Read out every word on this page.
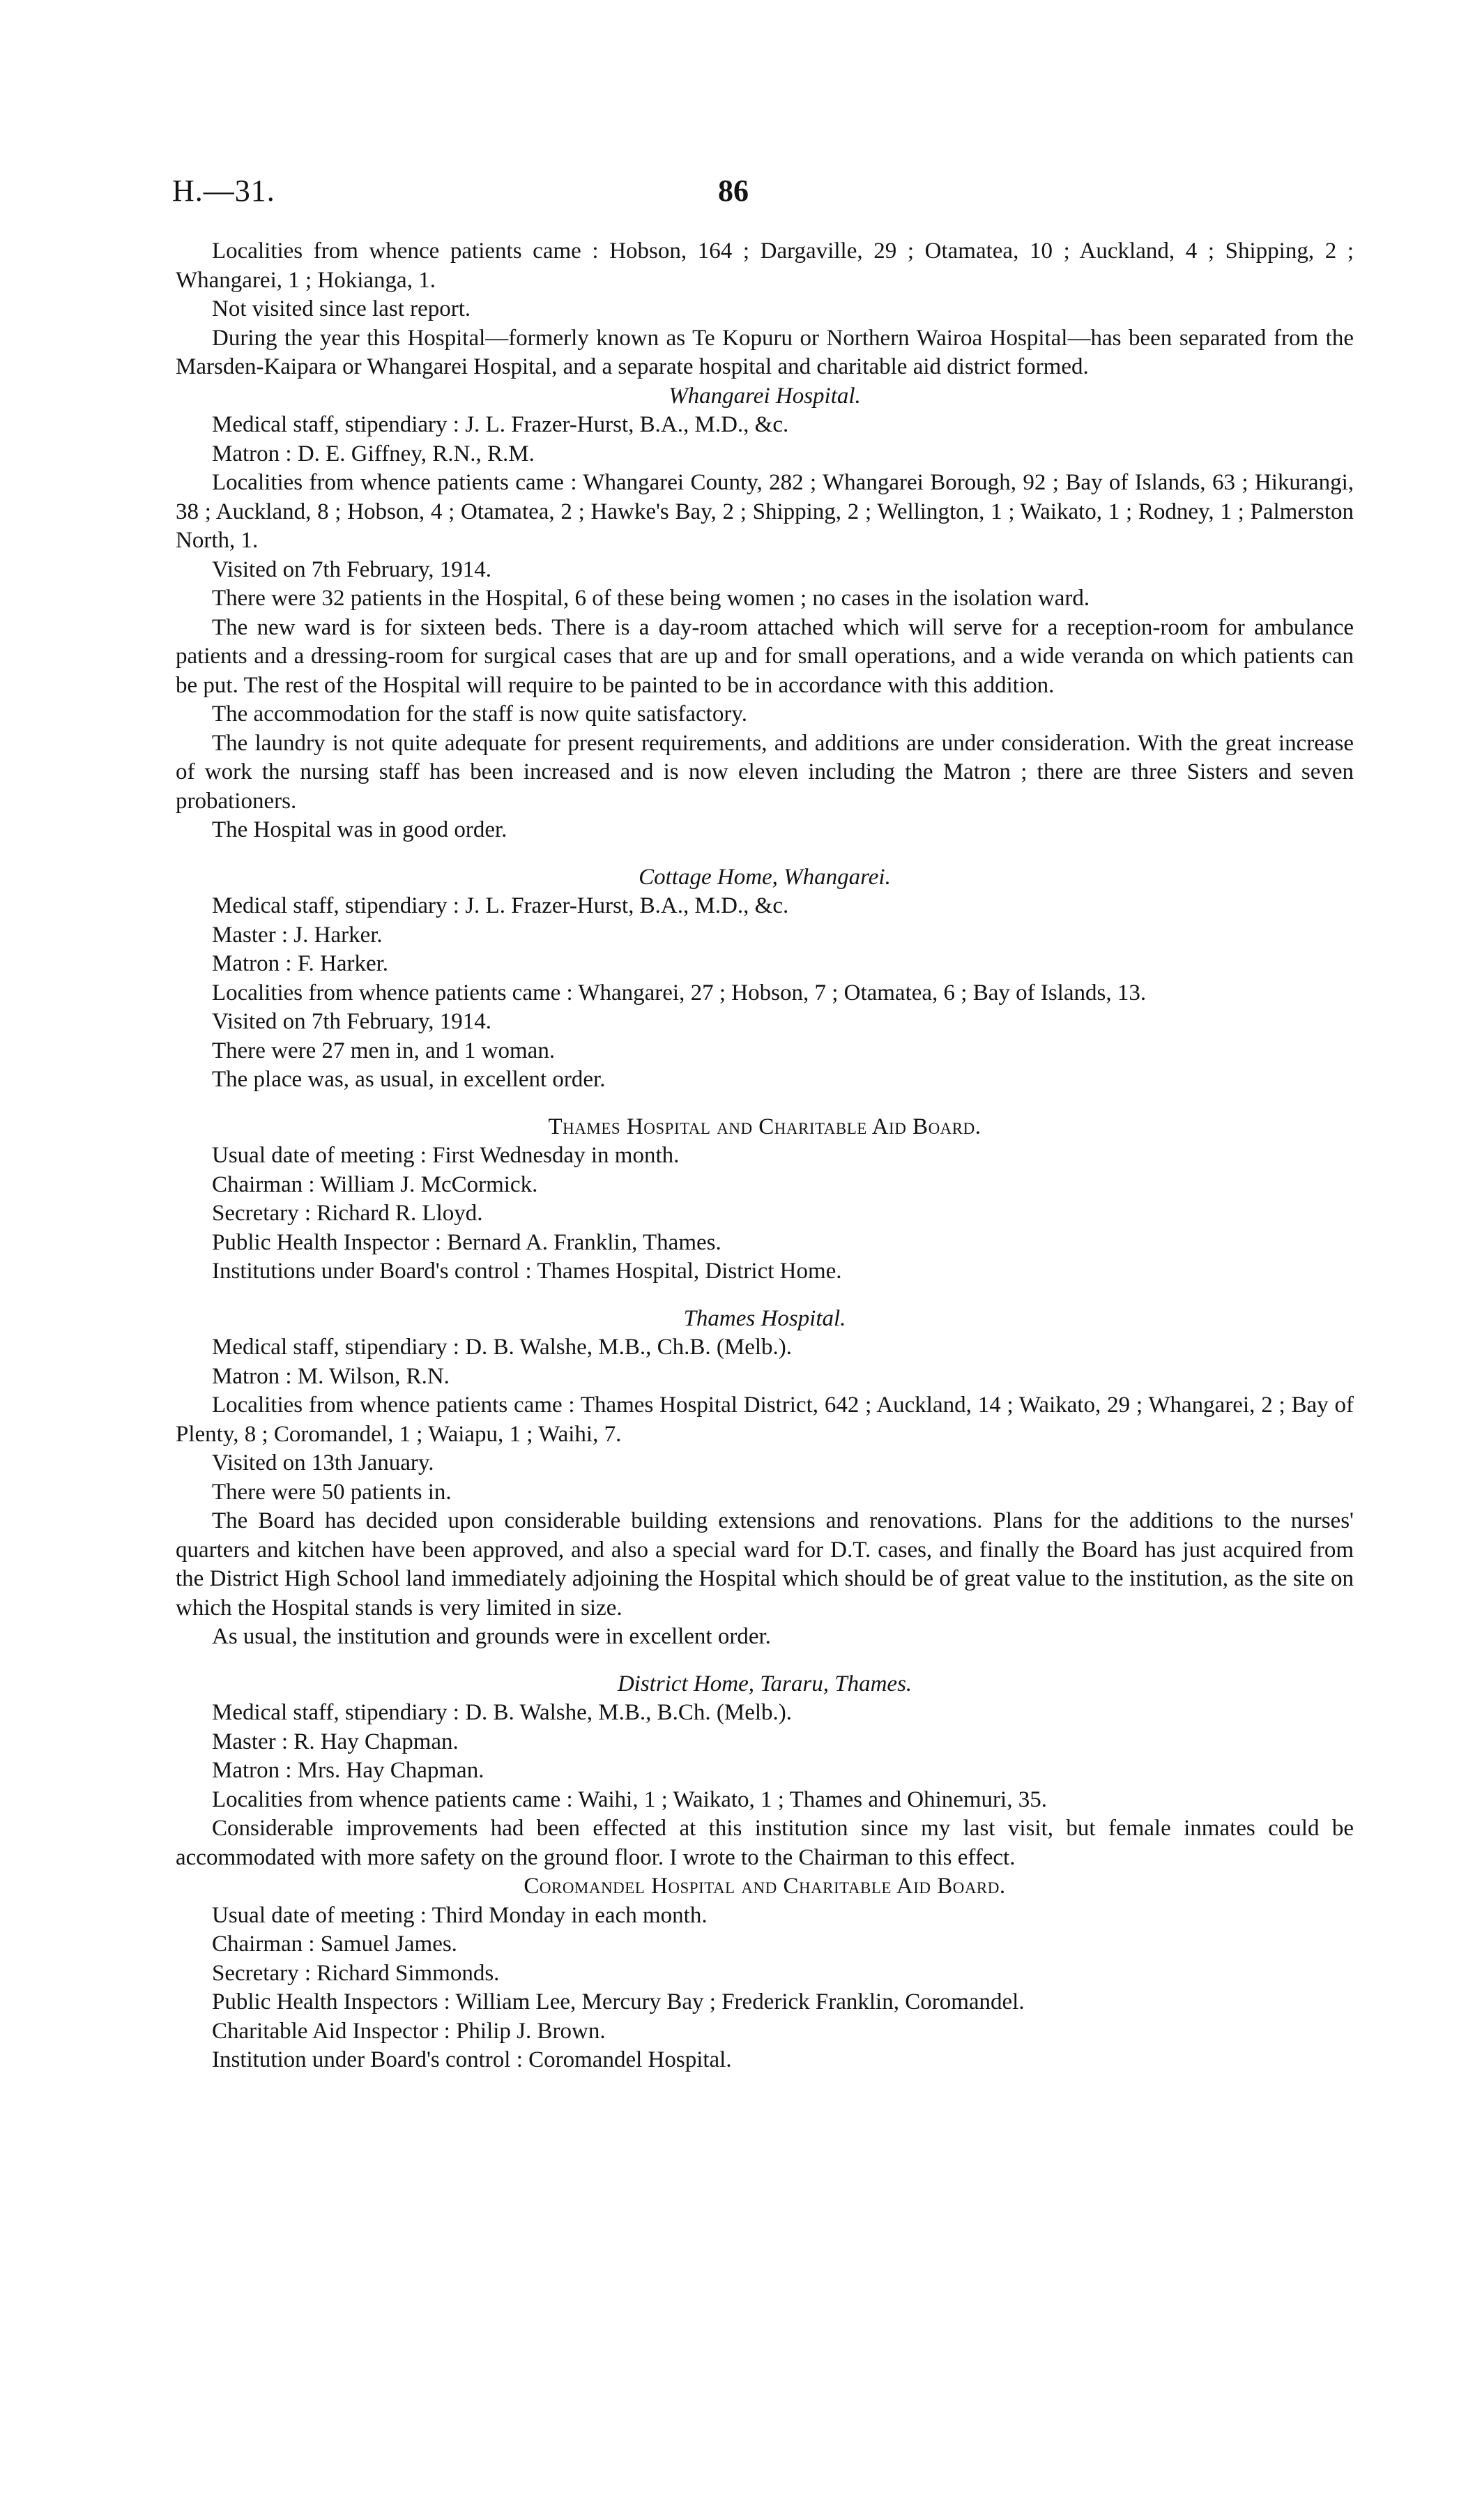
H.—31.	86

Localities from whence patients came : Hobson, 164 ; Dargaville, 29 ; Otamatea, 10 ; Auckland, 4 ; Shipping, 2 ; Whangarei, 1 ; Hokianga, 1.

Not visited since last report.

During the year this Hospital—formerly known as Te Kopuru or Northern Wairoa Hospital—has been separated from the Marsden-Kaipara or Whangarei Hospital, and a separate hospital and charitable aid district formed.

Whangarei Hospital.

Medical staff, stipendiary : J. L. Frazer-Hurst, B.A., M.D., &c.

Matron : D. E. Giffney, R.N., R.M.

Localities from whence patients came : Whangarei County, 282 ; Whangarei Borough, 92 ; Bay of Islands, 63 ; Hikurangi, 38 ; Auckland, 8 ; Hobson, 4 ; Otamatea, 2 ; Hawke's Bay, 2 ; Shipping, 2 ; Wellington, 1 ; Waikato, 1 ; Rodney, 1 ; Palmerston North, 1.

Visited on 7th February, 1914.

There were 32 patients in the Hospital, 6 of these being women ; no cases in the isolation ward.

The new ward is for sixteen beds. There is a day-room attached which will serve for a reception-room for ambulance patients and a dressing-room for surgical cases that are up and for small operations, and a wide veranda on which patients can be put. The rest of the Hospital will require to be painted to be in accordance with this addition.

The accommodation for the staff is now quite satisfactory.

The laundry is not quite adequate for present requirements, and additions are under consideration. With the great increase of work the nursing staff has been increased and is now eleven including the Matron ; there are three Sisters and seven probationers.

The Hospital was in good order.

Cottage Home, Whangarei.

Medical staff, stipendiary : J. L. Frazer-Hurst, B.A., M.D., &c.

Master : J. Harker.

Matron : F. Harker.

Localities from whence patients came : Whangarei, 27 ; Hobson, 7 ; Otamatea, 6 ; Bay of Islands, 13.

Visited on 7th February, 1914.

There were 27 men in, and 1 woman.

The place was, as usual, in excellent order.

Thames Hospital and Charitable Aid Board.

Usual date of meeting : First Wednesday in month.

Chairman : William J. McCormick.

Secretary : Richard R. Lloyd.

Public Health Inspector : Bernard A. Franklin, Thames.

Institutions under Board's control : Thames Hospital, District Home.

Thames Hospital.

Medical staff, stipendiary : D. B. Walshe, M.B., Ch.B. (Melb.).

Matron : M. Wilson, R.N.

Localities from whence patients came : Thames Hospital District, 642 ; Auckland, 14 ; Waikato, 29 ; Whangarei, 2 ; Bay of Plenty, 8 ; Coromandel, 1 ; Waiapu, 1 ; Waihi, 7.

Visited on 13th January.

There were 50 patients in.

The Board has decided upon considerable building extensions and renovations. Plans for the additions to the nurses' quarters and kitchen have been approved, and also a special ward for D.T. cases, and finally the Board has just acquired from the District High School land immediately adjoining the Hospital which should be of great value to the institution, as the site on which the Hospital stands is very limited in size.

As usual, the institution and grounds were in excellent order.

District Home, Tararu, Thames.

Medical staff, stipendiary : D. B. Walshe, M.B., B.Ch. (Melb.).

Master : R. Hay Chapman.

Matron : Mrs. Hay Chapman.

Localities from whence patients came : Waihi, 1 ; Waikato, 1 ; Thames and Ohinemuri, 35.

Considerable improvements had been effected at this institution since my last visit, but female inmates could be accommodated with more safety on the ground floor. I wrote to the Chairman to this effect.

Coromandel Hospital and Charitable Aid Board.

Usual date of meeting : Third Monday in each month.

Chairman : Samuel James.

Secretary : Richard Simmonds.

Public Health Inspectors : William Lee, Mercury Bay ; Frederick Franklin, Coromandel.

Charitable Aid Inspector : Philip J. Brown.

Institution under Board's control : Coromandel Hospital.
